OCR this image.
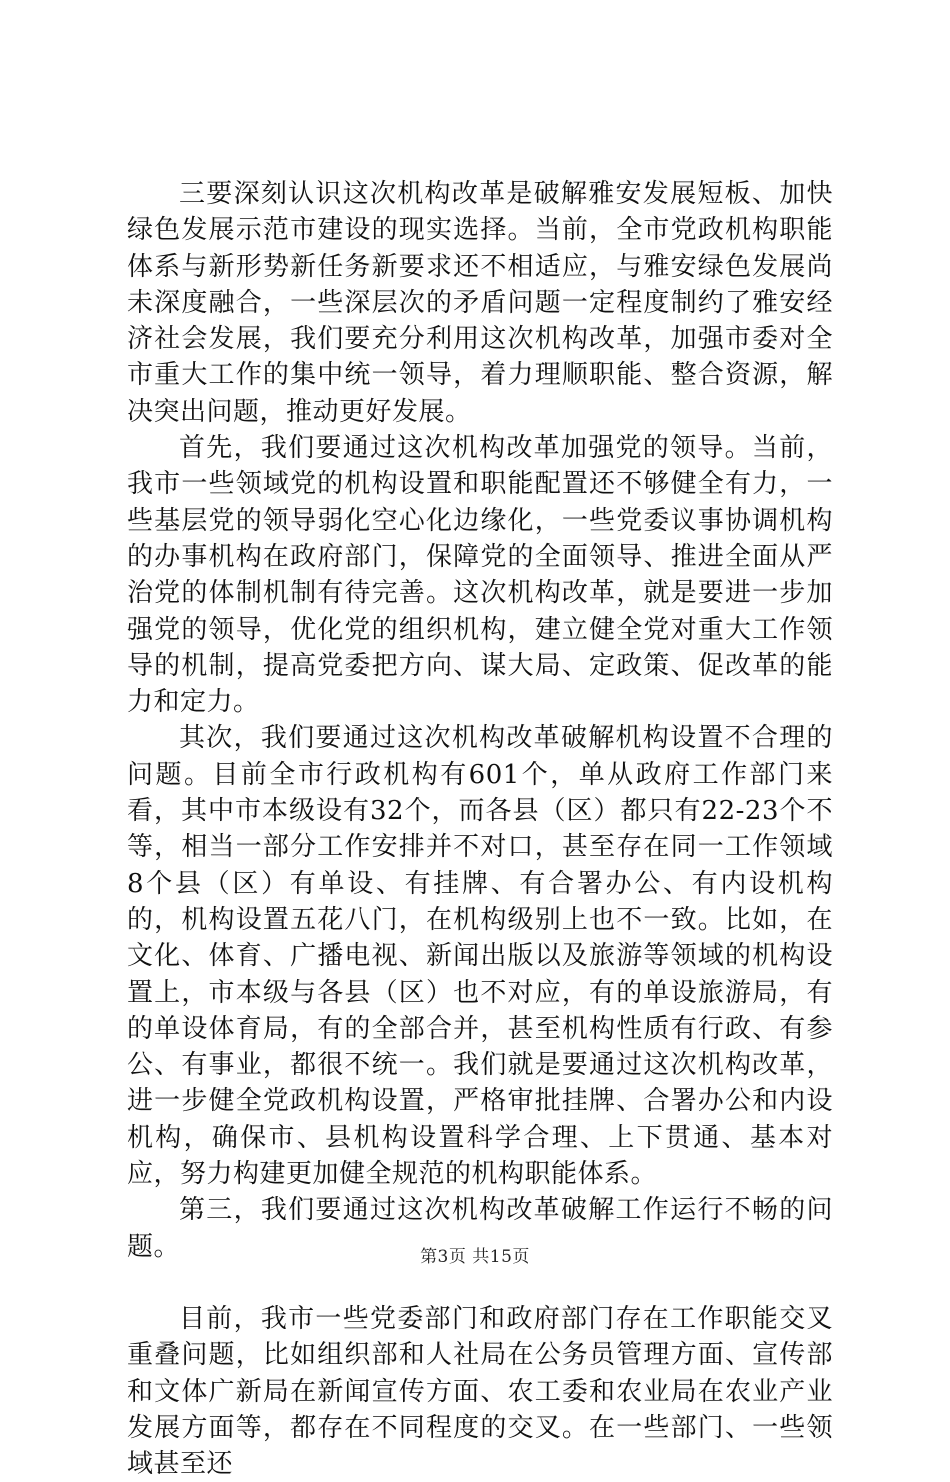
三要深刻认识这次机构改革是破解雅安发展短板、加快绿色发展示范市建设的现实选择。当前，全市党政机构职能体系与新形势新任务新要求还不相适应，与雅安绿色发展尚未深度融合，一些深层次的矛盾问题一定程度制约了雅安经济社会发展，我们要充分利用这次机构改革，加强市委对全市重大工作的集中统一领导，着力理顺职能、整合资源，解决突出问题，推动更好发展。

首先，我们要通过这次机构改革加强党的领导。当前，我市一些领域党的机构设置和职能配置还不够健全有力，一些基层党的领导弱化空心化边缘化，一些党委议事协调机构的办事机构在政府部门，保障党的全面领导、推进全面从严治党的体制机制有待完善。这次机构改革，就是要进一步加强党的领导，优化党的组织机构，建立健全党对重大工作领导的机制，提高党委把方向、谋大局、定政策、促改革的能力和定力。

其次，我们要通过这次机构改革破解机构设置不合理的问题。目前全市行政机构有601个，单从政府工作部门来看，其中市本级设有32个，而各县（区）都只有22-23个不等，相当一部分工作安排并不对口，甚至存在同一工作领域8个县（区）有单设、有挂牌、有合署办公、有内设机构的，机构设置五花八门，在机构级别上也不一致。比如，在文化、体育、广播电视、新闻出版以及旅游等领域的机构设置上，市本级与各县（区）也不对应，有的单设旅游局，有的单设体育局，有的全部合并，甚至机构性质有行政、有参公、有事业，都很不统一。我们就是要通过这次机构改革，进一步健全党政机构设置，严格审批挂牌、合署办公和内设机构，确保市、县机构设置科学合理、上下贯通、基本对应，努力构建更加健全规范的机构职能体系。

第三，我们要通过这次机构改革破解工作运行不畅的问题。

目前，我市一些党委部门和政府部门存在工作职能交叉重叠问题，比如组织部和人社局在公务员管理方面、宣传部和文体广新局在新闻宣传方面、农工委和农业局在农业产业发展方面等，都存在不同程度的交叉。在一些部门、一些领域甚至还

第3页 共15页
